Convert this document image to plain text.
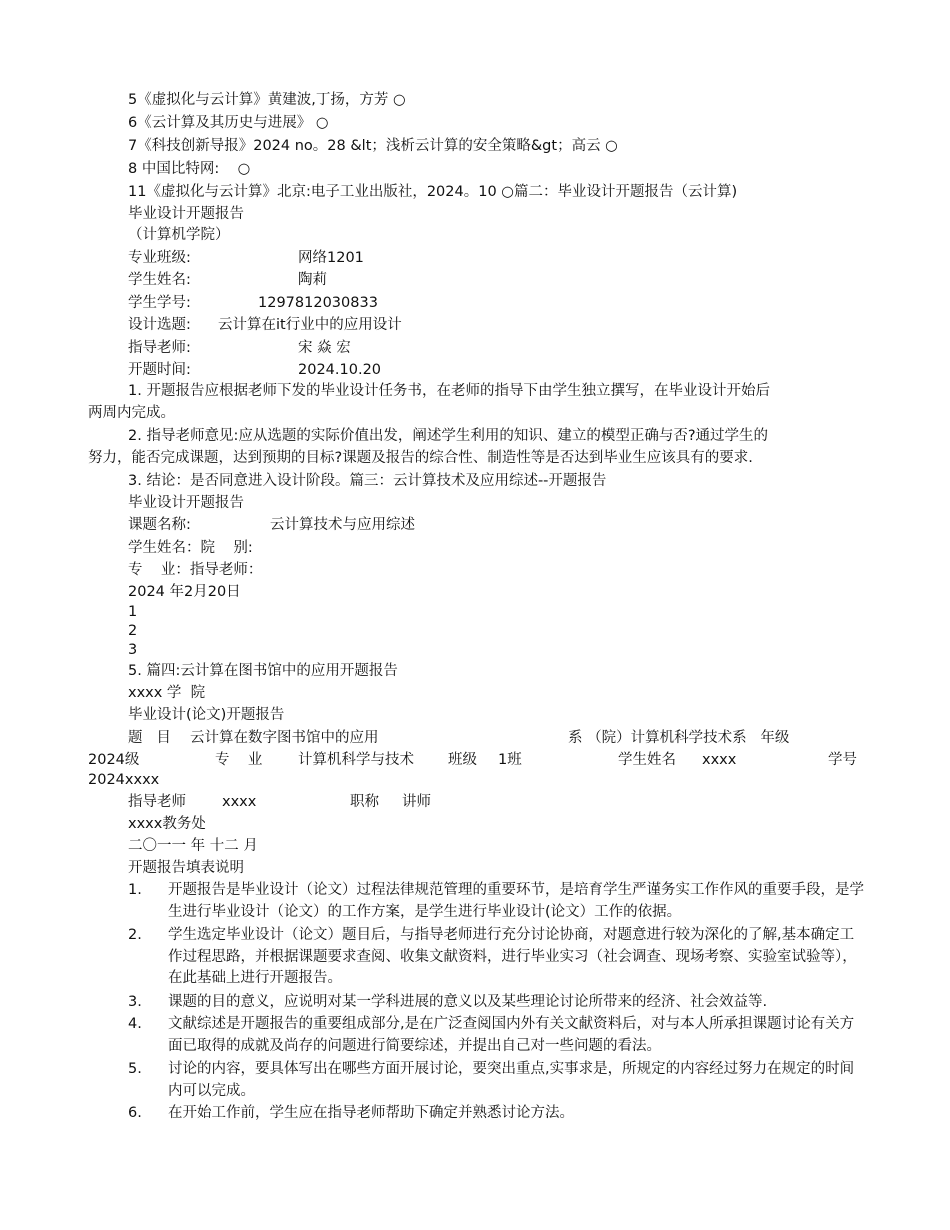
5《虚拟化与云计算》黄建波,丁扬，方芳 ○
6《云计算及其历史与进展》 ○
7《科技创新导报》2024 no。28 &lt；浅析云计算的安全策略&gt；高云 ○
8 中国比特网:    ○
11《虚拟化与云计算》北京:电子工业出版社，2024。10 ○篇二：毕业设计开题报告（云计算)
毕业设计开题报告
（计算机学院）
专业班级:	网络1201
学生姓名:	陶莉
学生学号:	1297812030833
设计选题: 云计算在it行业中的应用设计
指导老师:	宋 焱 宏
开题时间:	2024.10.20
1. 开题报告应根据老师下发的毕业设计任务书，在老师的指导下由学生独立撰写，在毕业设计开始后
两周内完成。
2. 指导老师意见:应从选题的实际价值出发，阐述学生利用的知识、建立的模型正确与否?通过学生的
努力，能否完成课题，达到预期的目标?课题及报告的综合性、制造性等是否达到毕业生应该具有的要求.
3. 结论：是否同意进入设计阶段。篇三：云计算技术及应用综述--开题报告
毕业设计开题报告
课题名称:	云计算技术与应用综述
学生姓名：院    别:
专    业：指导老师：
2024 年2月20日
1
2
3
5. 篇四:云计算在图书馆中的应用开题报告
xxxx 学  院
毕业设计(论文)开题报告
题   目 云计算在数字图书馆中的应用	系 （院）计算机科学技术系   年级
2024级	专    业 计算机科学与技术 班级 1班	学生姓名 xxxx	学号
2024xxxx
指导老师 xxxx	职称 讲师
xxxx教务处
二〇一一 年 十二 月
开题报告填表说明
1. 开题报告是毕业设计（论文）过程法律规范管理的重要环节，是培育学生严谨务实工作作风的重要手段，是学生进行毕业设计（论文）的工作方案，是学生进行毕业设计(论文）工作的依据。
2. 学生选定毕业设计（论文）题目后，与指导老师进行充分讨论协商，对题意进行较为深化的了解,基本确定工作过程思路，并根据课题要求查阅、收集文献资料，进行毕业实习（社会调查、现场考察、实验室试验等），在此基础上进行开题报告。
3. 课题的目的意义，应说明对某一学科进展的意义以及某些理论讨论所带来的经济、社会效益等.
4. 文献综述是开题报告的重要组成部分,是在广泛查阅国内外有关文献资料后，对与本人所承担课题讨论有关方面已取得的成就及尚存的问题进行简要综述，并提出自己对一些问题的看法。
5. 讨论的内容，要具体写出在哪些方面开展讨论，要突出重点,实事求是，所规定的内容经过努力在规定的时间内可以完成。
6. 在开始工作前，学生应在指导老师帮助下确定并熟悉讨论方法。
